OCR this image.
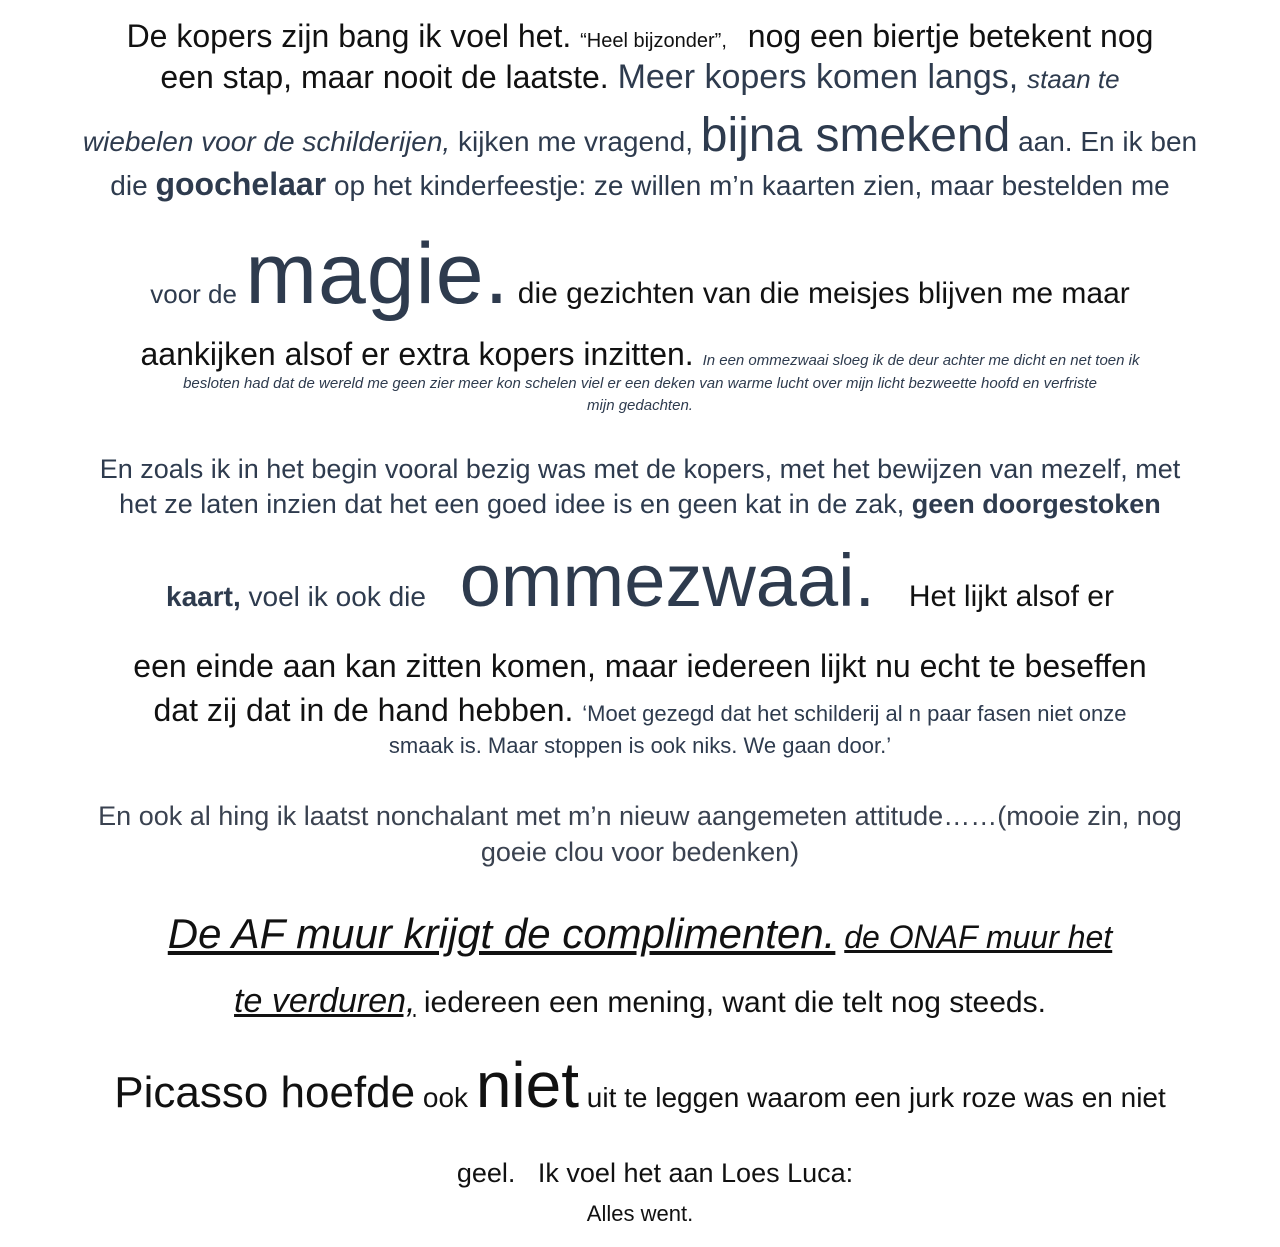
De kopers zijn bang ik voel het. “Heel bijzonder”, nog een biertje betekent nog
een stap, maar nooit de laatste. Meer kopers komen langs, staan te
wiebelen voor de schilderijen, kijken me vragend, bijna smekend aan. En ik ben
die goochelaar op het kinderfeestje: ze willen m’n kaarten zien, maar bestelden me
voor de magie. die gezichten van die meisjes blijven me maar
aankijken alsof er extra kopers inzitten. In een ommezwaai sloeg ik de deur achter me dicht en net toen ik
besloten had dat de wereld me geen zier meer kon schelen viel er een deken van warme lucht over mijn licht bezweette hoofd en verfriste
mijn gedachten.
En zoals ik in het begin vooral bezig was met de kopers, met het bewijzen van mezelf, met
het ze laten inzien dat het een goed idee is en geen kat in de zak, geen doorgestoken
kaart, voel ik ook die ommezwaai. Het lijkt alsof er
een einde aan kan zitten komen, maar iedereen lijkt nu echt te beseffen
dat zij dat in de hand hebben. ‘Moet gezegd dat het schilderij al n paar fasen niet onze
smaak is. Maar stoppen is ook niks. We gaan door.’
En ook al hing ik laatst nonchalant met m’n nieuw aangemeten attitude……(mooie zin, nog
goeie clou voor bedenken)
De AF muur krijgt de complimenten. de ONAF muur het
te verduren, iedereen een mening, want die telt nog steeds.
Picasso hoefde ook niet uit te leggen waarom een jurk roze was en niet

geel.   Ik voel het aan Loes Luca:

Alles went.
